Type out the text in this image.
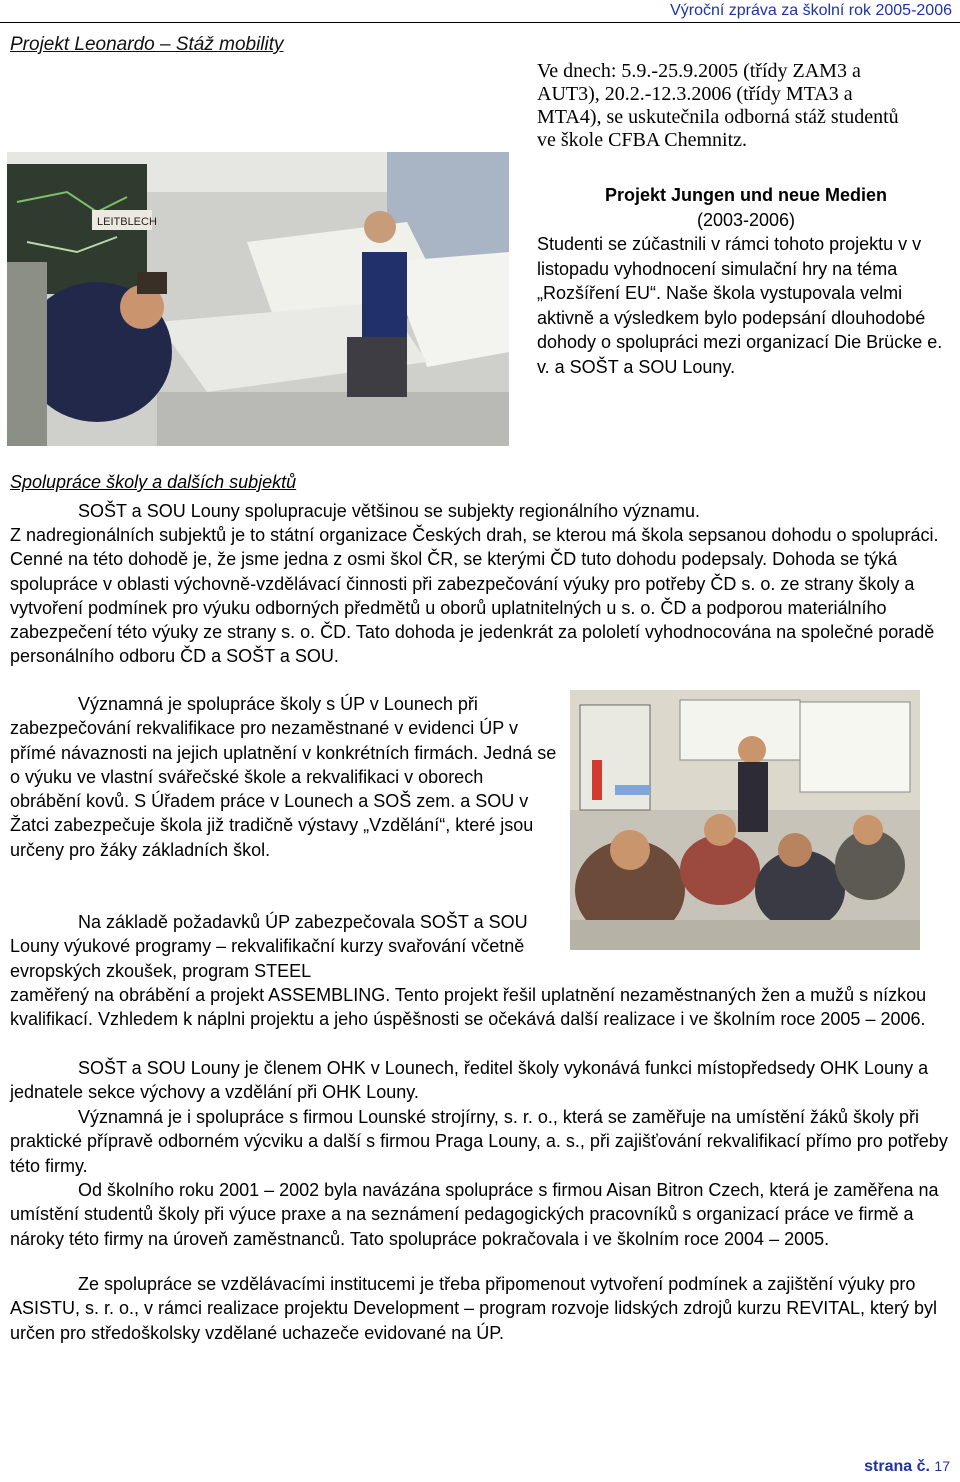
Výroční zpráva za školní rok 2005-2006
Projekt Leonardo – Stáž mobility
Ve dnech: 5.9.-25.9.2005 (třídy ZAM3 a AUT3), 20.2.-12.3.2006 (třídy MTA3 a MTA4), se uskutečnila odborná stáž studentů ve škole CFBA Chemnitz.
LEITBLECH
Projekt Jungen und neue Medien
(2003-2006)
Studenti se zúčastnili v rámci tohoto projektu v v listopadu vyhodnocení simulační hry na téma „Rozšíření EU“. Naše škola vystupovala velmi aktivně a výsledkem bylo podepsání dlouhodobé dohody o spolupráci mezi organizací Die Brücke e. v. a SOŠT a SOU Louny.
Spolupráce školy a dalších subjektů
SOŠT a SOU Louny spolupracuje většinou se subjekty regionálního významu.
Z nadregionálních subjektů je to státní organizace Českých drah, se kterou má škola sepsanou dohodu o spolupráci. Cenné na této dohodě je, že jsme jedna z osmi škol ČR, se kterými ČD tuto dohodu podepsaly. Dohoda se týká spolupráce v oblasti výchovně-vzdělávací činnosti při zabezpečování výuky pro potřeby ČD s. o. ze strany školy a vytvoření podmínek pro výuku odborných předmětů u oborů uplatnitelných u s. o. ČD a podporou materiálního zabezpečení této výuky ze strany s. o. ČD. Tato dohoda je jedenkrát za pololetí vyhodnocována na společné poradě personálního odboru ČD a SOŠT a SOU.
Významná je spolupráce školy s ÚP v Lounech při zabezpečování rekvalifikace pro nezaměstnané v evidenci ÚP v přímé návaznosti na jejich uplatnění v konkrétních firmách. Jedná se o výuku ve vlastní svářečské škole a rekvalifikaci v oborech obrábění kovů. S Úřadem práce v Lounech a SOŠ zem. a SOU v Žatci zabezpečuje škola již tradičně výstavy „Vzdělání“, které jsou určeny pro žáky základních škol.
Na základě požadavků ÚP zabezpečovala SOŠT a SOU Louny výukové programy – rekvalifikační kurzy svařování včetně evropských zkoušek, program STEEL
zaměřený na obrábění a projekt ASSEMBLING. Tento projekt řešil uplatnění nezaměstnaných žen a mužů s nízkou kvalifikací. Vzhledem k náplni projektu a jeho úspěšnosti se očekává další realizace i ve školním roce 2005 – 2006.
SOŠT a SOU Louny je členem OHK v Lounech, ředitel školy vykonává funkci místopředsedy OHK Louny a jednatele sekce výchovy a vzdělání při OHK Louny.
Významná je i spolupráce s firmou Lounské strojírny, s. r. o., která se zaměřuje na umístění žáků školy při praktické přípravě odborném výcviku a další s firmou Praga Louny, a. s., při zajišťování rekvalifikací přímo pro potřeby této firmy.
Od školního roku 2001 – 2002 byla navázána spolupráce s firmou Aisan Bitron Czech, která je zaměřena na umístění studentů školy při výuce praxe a na seznámení pedagogických pracovníků s organizací práce ve firmě a nároky této firmy na úroveň zaměstnanců. Tato spolupráce pokračovala i ve školním roce 2004 – 2005.
Ze spolupráce se vzdělávacími institucemi je třeba připomenout vytvoření podmínek a zajištění výuky pro ASISTU, s. r. o., v rámci realizace projektu Development – program rozvoje lidských zdrojů kurzu REVITAL, který byl určen pro středoškolsky vzdělané uchazeče evidované na ÚP.
strana č. 17
